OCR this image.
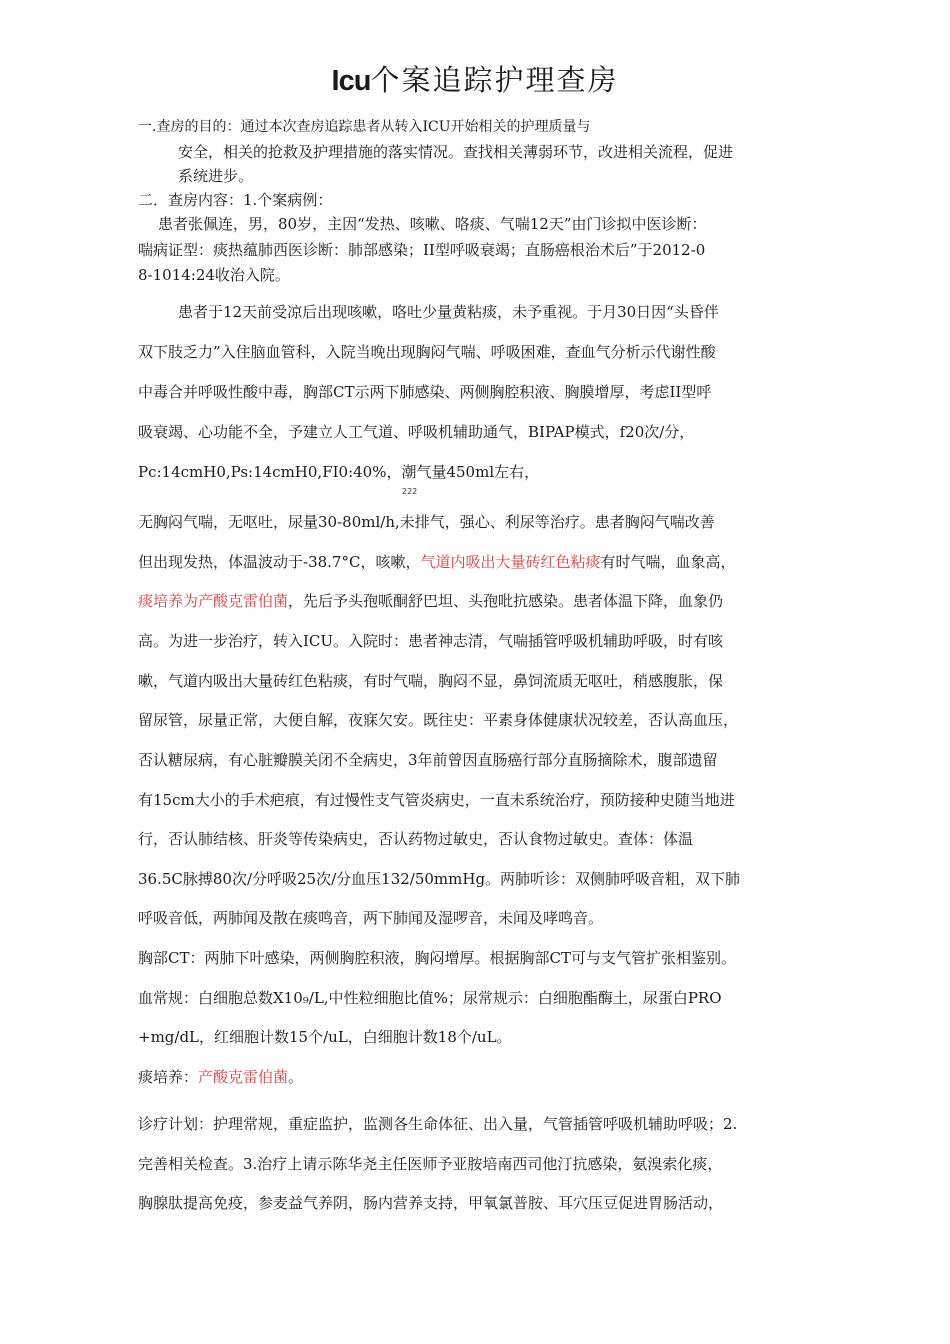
Icu个案追踪护理查房

一.查房的目的：通过本次查房追踪患者从转入ICU开始相关的护理质量与

安全，相关的抢救及护理措施的落实情况。查找相关薄弱环节，改进相关流程，促进

系统进步。

二．查房内容：1.个案病例：

患者张佩连，男，80岁，主因“发热、咳嗽、咯痰、气喘12天”由门诊拟中医诊断：

喘病证型：痰热蕴肺西医诊断：肺部感染；II型呼吸衰竭；直肠癌根治术后”于2012-0

8-1014:24收治入院。

患者于12天前受凉后出现咳嗽，咯吐少量黄粘痰，未予重视。于月30日因“头昏伴

双下肢乏力”入住脑血管科，入院当晚出现胸闷气喘、呼吸困难，查血气分析示代谢性酸

中毒合并呼吸性酸中毒，胸部CT示两下肺感染、两侧胸腔积液、胸膜增厚，考虑II型呼

吸衰竭、心功能不全，予建立人工气道、呼吸机辅助通气，BIPAP模式，f20次/分，

Pc:14cmH0,Ps:14cmH0,FI0:40%，潮气量450ml左右，

222

无胸闷气喘，无呕吐，尿量30-80ml/h,未排气，强心、利尿等治疗。患者胸闷气喘改善

但出现发热，体温波动于-38.7°C，咳嗽，气道内吸出大量砖红色粘痰有时气喘，血象高，

痰培养为产酸克雷伯菌，先后予头孢哌酮舒巴坦、头孢吡抗感染。患者体温下降，血象仍

高。为进一步治疗，转入ICU。入院时：患者神志清，气喘插管呼吸机辅助呼吸，时有咳

嗽，气道内吸出大量砖红色粘痰，有时气喘，胸闷不显，鼻饲流质无呕吐，稍感腹胀，保

留尿管，尿量正常，大便自解，夜寐欠安。既往史：平素身体健康状况较差，否认高血压，

否认糖尿病，有心脏瓣膜关闭不全病史，3年前曾因直肠癌行部分直肠摘除术，腹部遗留

有15cm大小的手术疤痕，有过慢性支气管炎病史，一直未系统治疗，预防接种史随当地进

行，否认肺结核、肝炎等传染病史，否认药物过敏史，否认食物过敏史。查体：体温

36.5C脉搏80次/分呼吸25次/分血压132/50mmHg。两肺听诊：双侧肺呼吸音粗，双下肺

呼吸音低，两肺闻及散在痰鸣音，两下肺闻及湿啰音，未闻及哮鸣音。

胸部CT：两肺下叶感染，两侧胸腔积液，胸闷增厚。根据胸部CT可与支气管扩张相鉴别。

血常规：白细胞总数X10₉/L,中性粒细胞比值%；尿常规示：白细胞酯酶土，尿蛋白PRO

+mg/dL，红细胞计数15个/uL，白细胞计数18个/uL。

痰培养：产酸克雷伯菌。

诊疗计划：护理常规，重症监护，监测各生命体征、出入量，气管插管呼吸机辅助呼吸；2.

完善相关检查。3.治疗上请示陈华尧主任医师予亚胺培南西司他汀抗感染，氨溴索化痰，

胸腺肽提高免疫，参麦益气养阴，肠内营养支持，甲氧氯普胺、耳穴压豆促进胃肠活动，
